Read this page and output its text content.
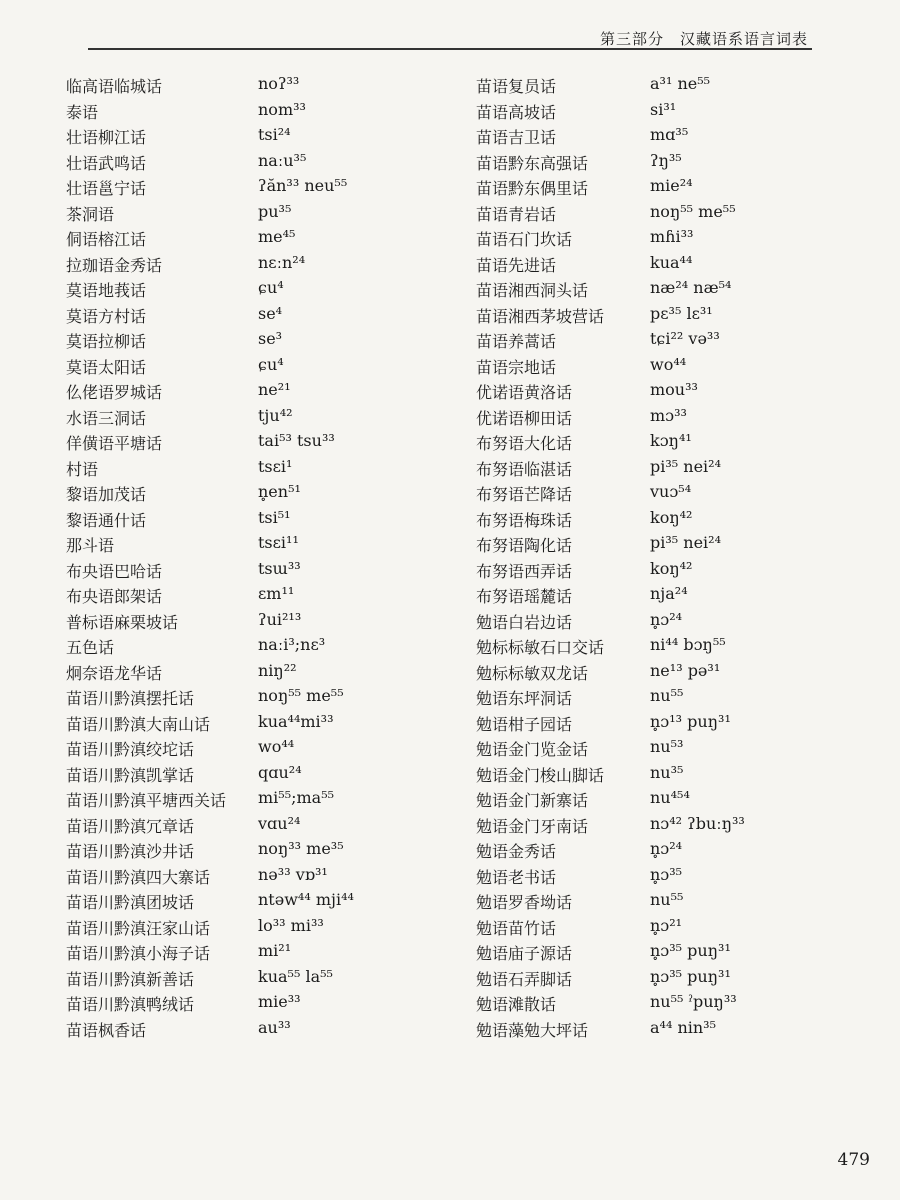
第三部分　汉藏语系语言词表
临高语临城话	noʔ³³
泰语	nom³³
壮语柳江话	tsi²⁴
壮语武鸣话	naːu³⁵
壮语邕宁话	ʔăn³³ neu⁵⁵
茶洞语	pu³⁵
侗语榕江话	me⁴⁵
拉珈语金秀话	nɛːn²⁴
莫语地莪话	ɕu⁴
莫语方村话	se⁴
莫语拉柳话	se³
莫语太阳话	ɕu⁴
仫佬语罗城话	ne²¹
水语三洞话	tju⁴²
佯僙语平塘话	tai⁵³ tsu³³
村语	tsɛi¹
黎语加茂话	n̥en⁵¹
黎语通什话	tsi⁵¹
那斗语	tsɛi¹¹
布央语巴哈话	tsɯ³³
布央语郎架话	ɛm¹¹
普标语麻栗坡话	ʔui²¹³
五色话	naːi³;nɛ³
炯奈语龙华话	niŋ²²
苗语川黔滇摆托话	noŋ⁵⁵ me⁵⁵
苗语川黔滇大南山话	kua⁴⁴mi³³
苗语川黔滇绞坨话	wo⁴⁴
苗语川黔滇凯掌话	qɑu²⁴
苗语川黔滇平塘西关话	mi⁵⁵;ma⁵⁵
苗语川黔滇冗章话	vɑu²⁴
苗语川黔滇沙井话	noŋ³³ me³⁵
苗语川黔滇四大寨话	nə³³ vɒ³¹
苗语川黔滇团坡话	ntəw⁴⁴ mji⁴⁴
苗语川黔滇汪家山话	lo³³ mi³³
苗语川黔滇小海子话	mi²¹
苗语川黔滇新善话	kua⁵⁵ la⁵⁵
苗语川黔滇鸭绒话	mie³³
苗语枫香话	au³³
苗语复员话	a³¹ ne⁵⁵
苗语高坡话	si³¹
苗语吉卫话	mɑ³⁵
苗语黔东高强话	ʔŋ³⁵
苗语黔东偶里话	mie²⁴
苗语青岩话	noŋ⁵⁵ me⁵⁵
苗语石门坎话	mɦi³³
苗语先进话	kua⁴⁴
苗语湘西洞头话	næ²⁴ næ⁵⁴
苗语湘西茅坡营话	pɛ³⁵ lɛ³¹
苗语养蒿话	tɕi²² və³³
苗语宗地话	wo⁴⁴
优诺语黄洛话	mou³³
优诺语柳田话	mɔ³³
布努语大化话	kɔŋ⁴¹
布努语临湛话	pi³⁵ nei²⁴
布努语芒降话	vuɔ⁵⁴
布努语梅珠话	koŋ⁴²
布努语陶化话	pi³⁵ nei²⁴
布努语西弄话	koŋ⁴²
布努语瑶麓话	nja²⁴
勉语白岩边话	n̥ɔ²⁴
勉标标敏石口交话	ni⁴⁴ bɔŋ⁵⁵
勉标标敏双龙话	ne¹³ pə³¹
勉语东坪洞话	nu⁵⁵
勉语柑子园话	n̥ɔ¹³ puŋ³¹
勉语金门览金话	nu⁵³
勉语金门梭山脚话	nu³⁵
勉语金门新寨话	nu⁴⁵⁴
勉语金门牙南话	nɔ⁴² ʔbuːŋ³³
勉语金秀话	n̥ɔ²⁴
勉语老书话	n̥ɔ³⁵
勉语罗香坳话	nu⁵⁵
勉语苗竹话	n̥ɔ²¹
勉语庙子源话	n̥ɔ³⁵ puŋ³¹
勉语石弄脚话	n̥ɔ³⁵ puŋ³¹
勉语滩散话	nu⁵⁵ ˀpuŋ³³
勉语藻勉大坪话	a⁴⁴ nin³⁵
479
